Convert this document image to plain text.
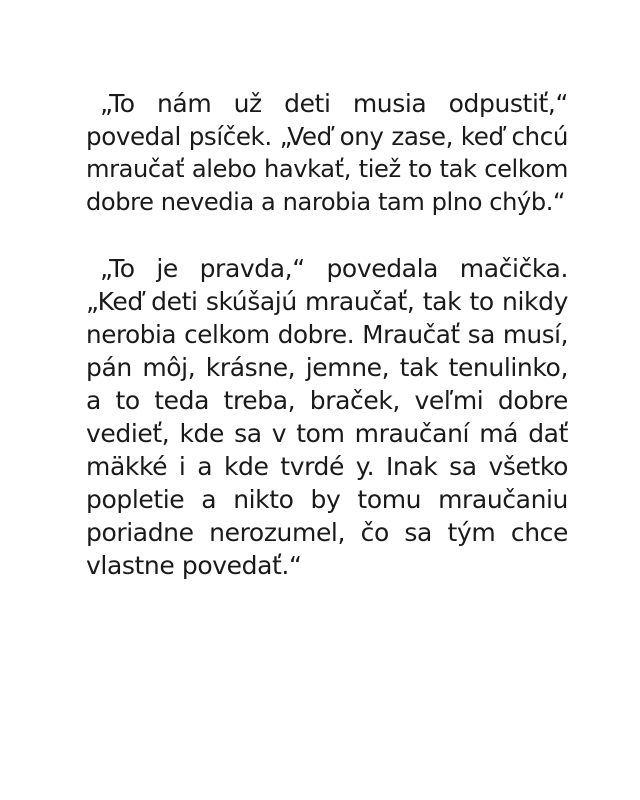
„To nám už deti musia odpustiť,“
povedal psíček. „Veď ony zase, keď chcú
mraučať alebo havkať, tiež to tak celkom
dobre nevedia a narobia tam plno chýb.“
„To je pravda,“ povedala mačička.
„Keď deti skúšajú mraučať, tak to nikdy
nerobia celkom dobre. Mraučať sa musí,
pán môj, krásne, jemne, tak tenulinko,
a to teda treba, braček, veľmi dobre
vedieť, kde sa v tom mraučaní má dať
mäkké i a kde tvrdé y. Inak sa všetko
popletie a nikto by tomu mraučaniu
poriadne nerozumel, čo sa tým chce
vlastne povedať.“
